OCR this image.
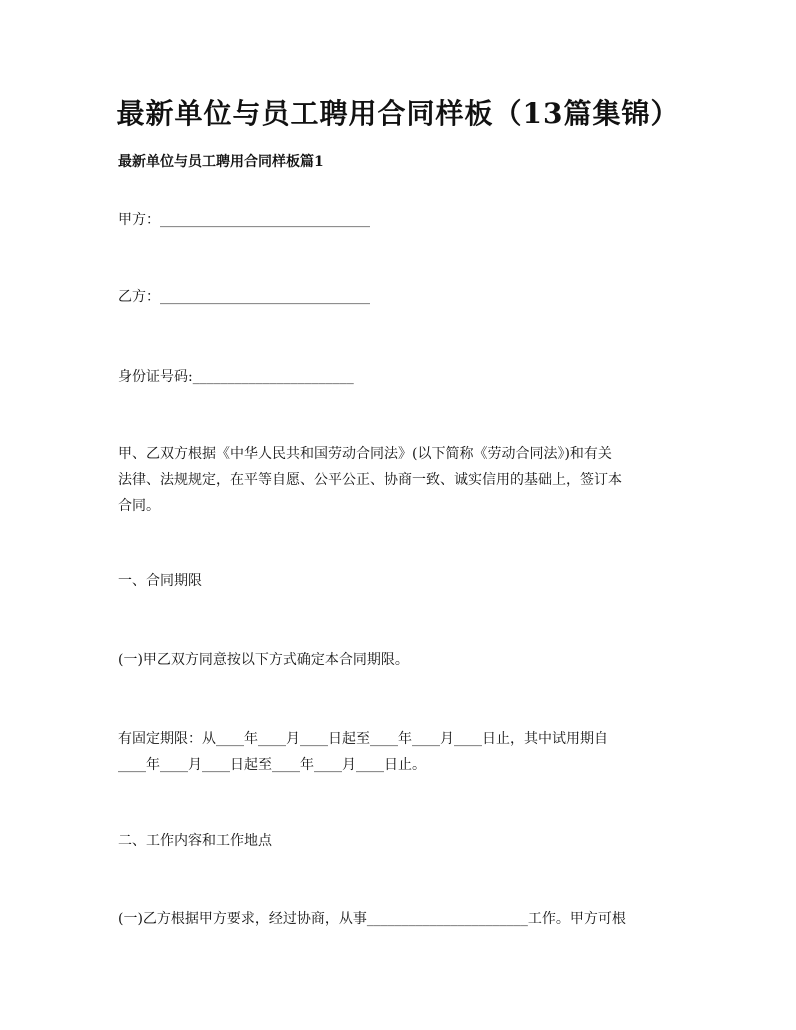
最新单位与员工聘用合同样板（13篇集锦）

最新单位与员工聘用合同样板篇1

甲方：______________________________

乙方：______________________________

身份证号码:_______________________

甲、乙双方根据《中华人民共和国劳动合同法》(以下简称《劳动合同法》)和有关
法律、法规规定，在平等自愿、公平公正、协商一致、诚实信用的基础上，签订本
合同。

一、合同期限

(一)甲乙双方同意按以下方式确定本合同期限。

有固定期限：从____年____月____日起至____年____月____日止，其中试用期自
____年____月____日起至____年____月____日止。

二、工作内容和工作地点

(一)乙方根据甲方要求，经过协商，从事_______________________工作。甲方可根
